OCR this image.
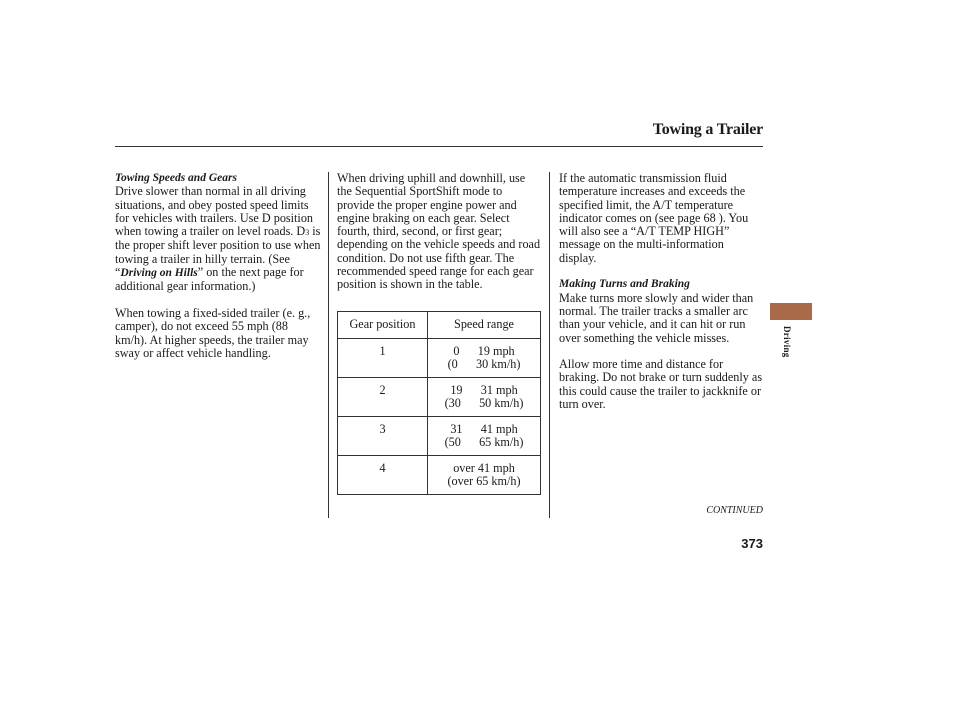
Towing a Trailer
Towing Speeds and Gears

Drive slower than normal in all driving situations, and obey posted speed limits for vehicles with trailers. Use D position when towing a trailer on level roads. D3 is the proper shift lever position to use when towing a trailer in hilly terrain. (See “Driving on Hills” on the next page for additional gear information.)

When towing a fixed-sided trailer (e. g., camper), do not exceed 55 mph (88 km/h). At higher speeds, the trailer may sway or affect vehicle handling.

When driving uphill and downhill, use the Sequential SportShift mode to provide the proper engine power and engine braking on each gear. Select fourth, third, second, or first gear; depending on the vehicle speeds and road condition. Do not use fifth gear. The recommended speed range for each gear position is shown in the table.

Gear position	Speed range
1	0      19 mph
(0      30 km/h)

2	19      31 mph
(30      50 km/h)

3	31      41 mph
(50      65 km/h)

4	over 41 mph
(over 65 km/h)

If the automatic transmission fluid temperature increases and exceeds the specified limit, the A/T temperature indicator comes on (see page 68 ). You will also see a “A/T TEMP HIGH” message on the multi-information display.

Making Turns and Braking

Make turns more slowly and wider than normal. The trailer tracks a smaller arc than your vehicle, and it can hit or run over something the vehicle misses.

Allow more time and distance for braking. Do not brake or turn suddenly as this could cause the trailer to jackknife or turn over.

Driving
CONTINUED
373
